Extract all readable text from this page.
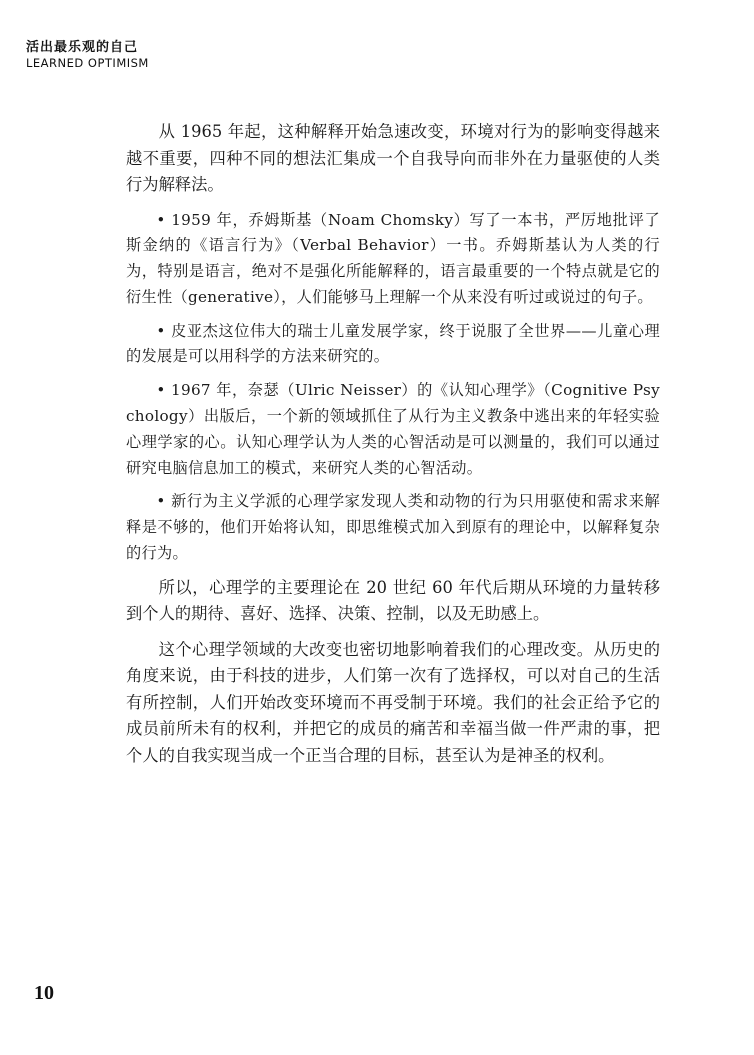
活出最乐观的自己
LEARNED OPTIMISM

从 1965 年起，这种解释开始急速改变，环境对行为的影响变得越来越不重要，四种不同的想法汇集成一个自我导向而非外在力量驱使的人类行为解释法。

• 1959 年，乔姆斯基（Noam Chomsky）写了一本书，严厉地批评了斯金纳的《语言行为》（Verbal Behavior）一书。乔姆斯基认为人类的行为，特别是语言，绝对不是强化所能解释的，语言最重要的一个特点就是它的衍生性（generative），人们能够马上理解一个从来没有听过或说过的句子。

• 皮亚杰这位伟大的瑞士儿童发展学家，终于说服了全世界——儿童心理的发展是可以用科学的方法来研究的。

• 1967 年，奈瑟（Ulric Neisser）的《认知心理学》（Cognitive Psychology）出版后，一个新的领域抓住了从行为主义教条中逃出来的年轻实验心理学家的心。认知心理学认为人类的心智活动是可以测量的，我们可以通过研究电脑信息加工的模式，来研究人类的心智活动。

• 新行为主义学派的心理学家发现人类和动物的行为只用驱使和需求来解释是不够的，他们开始将认知，即思维模式加入到原有的理论中，以解释复杂的行为。

所以，心理学的主要理论在 20 世纪 60 年代后期从环境的力量转移到个人的期待、喜好、选择、决策、控制，以及无助感上。

这个心理学领域的大改变也密切地影响着我们的心理改变。从历史的角度来说，由于科技的进步，人们第一次有了选择权，可以对自己的生活有所控制，人们开始改变环境而不再受制于环境。我们的社会正给予它的成员前所未有的权利，并把它的成员的痛苦和幸福当做一件严肃的事，把个人的自我实现当成一个正当合理的目标，甚至认为是神圣的权利。

10
